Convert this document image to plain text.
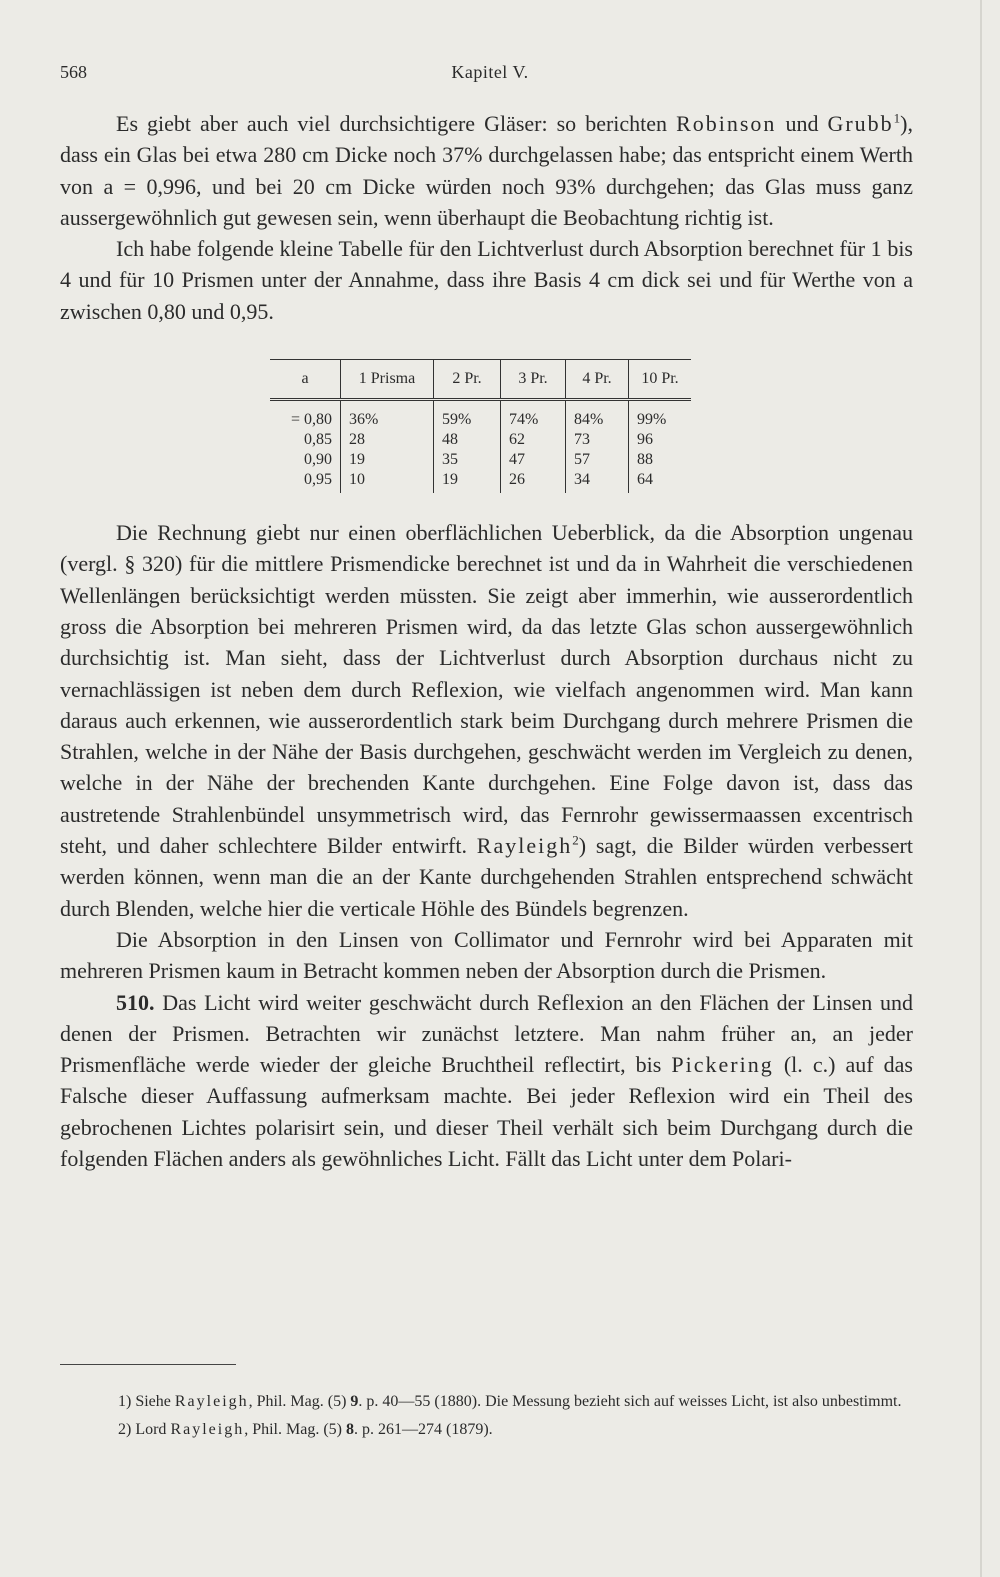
568	Kapitel V.

Es giebt aber auch viel durchsichtigere Gläser: so berichten Robinson und Grubb$^1$), dass ein Glas bei etwa 280 cm Dicke noch 37% durchgelassen habe; das entspricht einem Werth von a = 0,996, und bei 20 cm Dicke würden noch 93% durchgehen; das Glas muss ganz aussergewöhnlich gut gewesen sein, wenn überhaupt die Beobachtung richtig ist.

Ich habe folgende kleine Tabelle für den Lichtverlust durch Absorption berechnet für 1 bis 4 und für 10 Prismen unter der Annahme, dass ihre Basis 4 cm dick sei und für Werthe von a zwischen 0,80 und 0,95.

a	1 Prisma	2 Pr.	3 Pr.	4 Pr.	10 Pr.
= 0,80	36%	59%	74%	84%	99%
0,85	28	48	62	73	96
0,90	19	35	47	57	88
0,95	10	19	26	34	64

Die Rechnung giebt nur einen oberflächlichen Ueberblick, da die Absorption ungenau (vergl. § 320) für die mittlere Prismendicke berechnet ist und da in Wahrheit die verschiedenen Wellenlängen berücksichtigt werden müssten. Sie zeigt aber immerhin, wie ausserordentlich gross die Absorption bei mehreren Prismen wird, da das letzte Glas schon aussergewöhnlich durchsichtig ist. Man sieht, dass der Lichtverlust durch Absorption durchaus nicht zu vernachlässigen ist neben dem durch Reflexion, wie vielfach angenommen wird. Man kann daraus auch erkennen, wie ausserordentlich stark beim Durchgang durch mehrere Prismen die Strahlen, welche in der Nähe der Basis durchgehen, geschwächt werden im Vergleich zu denen, welche in der Nähe der brechenden Kante durchgehen. Eine Folge davon ist, dass das austretende Strahlenbündel unsymmetrisch wird, das Fernrohr gewissermaassen excentrisch steht, und daher schlechtere Bilder entwirft. Rayleigh$^2$) sagt, die Bilder würden verbessert werden können, wenn man die an der Kante durchgehenden Strahlen entsprechend schwächt durch Blenden, welche hier die verticale Höhle des Bündels begrenzen.

Die Absorption in den Linsen von Collimator und Fernrohr wird bei Apparaten mit mehreren Prismen kaum in Betracht kommen neben der Absorption durch die Prismen.

510. Das Licht wird weiter geschwächt durch Reflexion an den Flächen der Linsen und denen der Prismen. Betrachten wir zunächst letztere. Man nahm früher an, an jeder Prismenfläche werde wieder der gleiche Bruchtheil reflectirt, bis Pickering (l. c.) auf das Falsche dieser Auffassung aufmerksam machte. Bei jeder Reflexion wird ein Theil des gebrochenen Lichtes polarisirt sein, und dieser Theil verhält sich beim Durchgang durch die folgenden Flächen anders als gewöhnliches Licht. Fällt das Licht unter dem Polari-

1) Siehe Rayleigh, Phil. Mag. (5) 9. p. 40—55 (1880). Die Messung bezieht sich auf weisses Licht, ist also unbestimmt.

2) Lord Rayleigh, Phil. Mag. (5) 8. p. 261—274 (1879).
